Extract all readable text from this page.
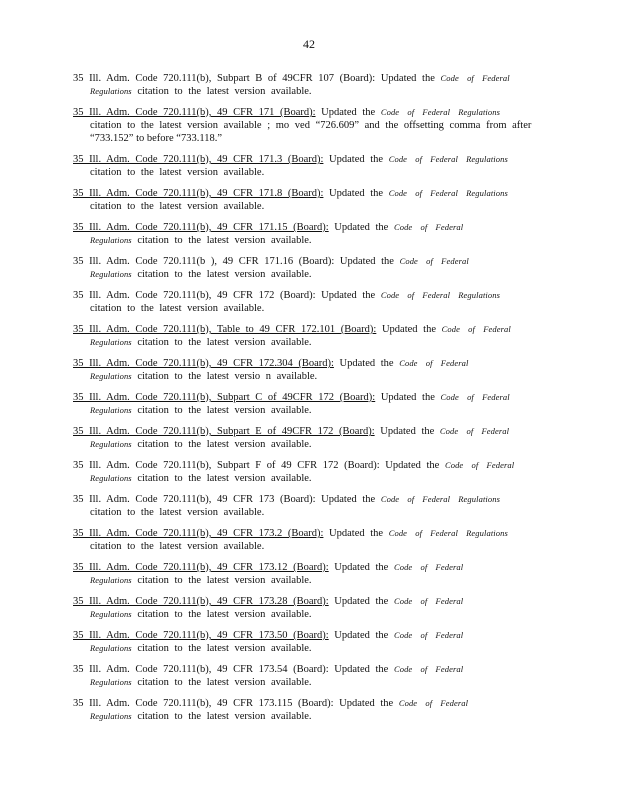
42
35 Ill. Adm. Code 720.111(b), Subpart B of 49CFR 107 (Board): Updated the Code of Federal
Regulations citation to the latest version available.
35 Ill. Adm. Code 720.111(b), 49 CFR 171 (Board): Updated the Code of Federal Regulations
citation to the latest version available ; mo ved “726.609” and the offsetting comma from after
“733.152” to before “733.118.”
35 Ill. Adm. Code 720.111(b), 49 CFR 171.3 (Board): Updated the Code of Federal Regulations
citation to the latest version available.
35 Ill. Adm. Code 720.111(b), 49 CFR 171.8 (Board): Updated the Code of Federal Regulations
citation to the latest version available.
35 Ill. Adm. Code 720.111(b), 49 CFR 171.15 (Board): Updated the Code of Federal
Regulations citation to the latest version available.
35 Ill. Adm. Code 720.111(b ), 49 CFR 171.16 (Board): Updated the Code of Federal
Regulations citation to the latest version available.
35 Ill. Adm. Code 720.111(b), 49 CFR 172 (Board): Updated the Code of Federal Regulations
citation to the latest version available.
35 Ill. Adm. Code 720.111(b), Table to 49 CFR 172.101 (Board): Updated the Code of Federal
Regulations citation to the latest version available.
35 Ill. Adm. Code 720.111(b), 49 CFR 172.304 (Board): Updated the Code of Federal
Regulations citation to the latest versio n available.
35 Ill. Adm. Code 720.111(b), Subpart C of 49CFR 172 (Board): Updated the Code of Federal
Regulations citation to the latest version available.
35 Ill. Adm. Code 720.111(b), Subpart E of 49CFR 172 (Board): Updated the Code of Federal
Regulations citation to the latest version available.
35 Ill. Adm. Code 720.111(b), Subpart F of 49 CFR 172 (Board): Updated the Code of Federal
Regulations citation to the latest version available.
35 Ill. Adm. Code 720.111(b), 49 CFR 173 (Board): Updated the Code of Federal Regulations
citation to the latest version available.
35 Ill. Adm. Code 720.111(b), 49 CFR 173.2 (Board): Updated the Code of Federal Regulations
citation to the latest version available.
35 Ill. Adm. Code 720.111(b), 49 CFR 173.12 (Board): Updated the Code of Federal
Regulations citation to the latest version available.
35 Ill. Adm. Code 720.111(b), 49 CFR 173.28 (Board): Updated the Code of Federal
Regulations citation to the latest version available.
35 Ill. Adm. Code 720.111(b), 49 CFR 173.50 (Board): Updated the Code of Federal
Regulations citation to the latest version available.
35 Ill. Adm. Code 720.111(b), 49 CFR 173.54 (Board): Updated the Code of Federal
Regulations citation to the latest version available.
35 Ill. Adm. Code 720.111(b), 49 CFR 173.115 (Board): Updated the Code of Federal
Regulations citation to the latest version available.
